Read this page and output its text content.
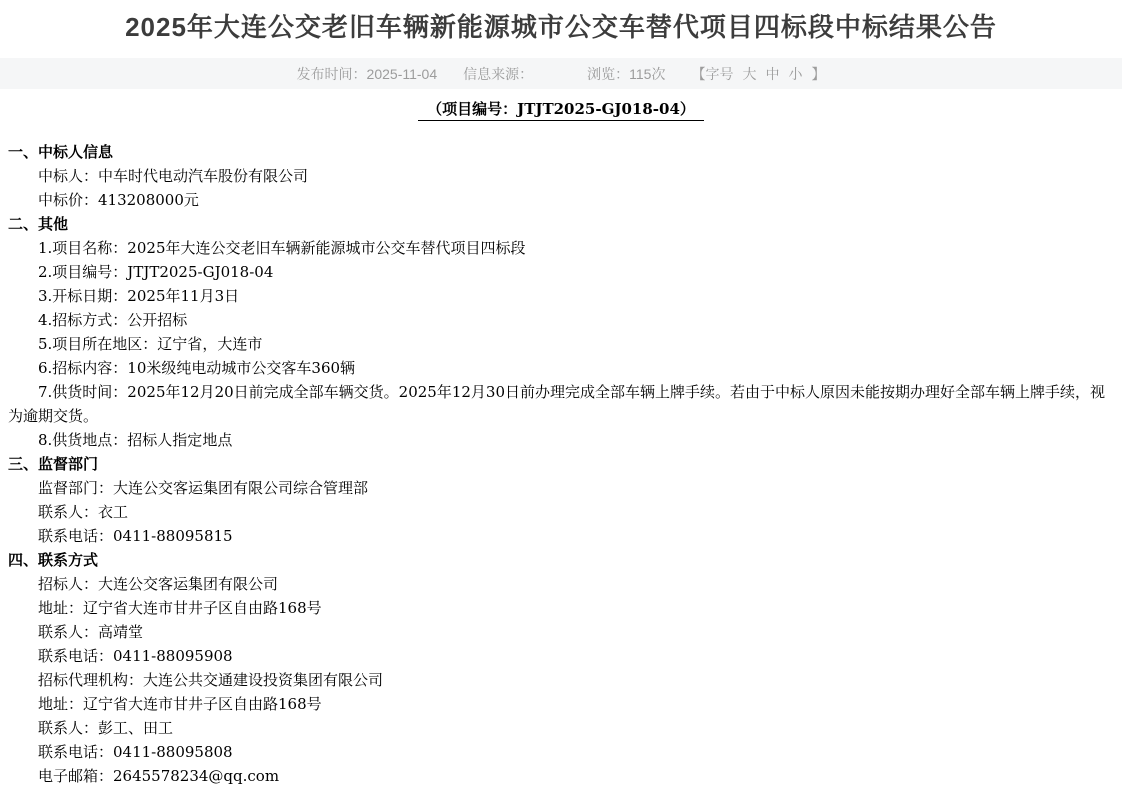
2025年大连公交老旧车辆新能源城市公交车替代项目四标段中标结果公告
发布时间： 2025-11-04 信息来源：	浏览： 115次 【字号 大 中 小 】
（项目编号：JTJT2025-GJ018-04）

一、中标人信息

中标人：中车时代电动汽车股份有限公司

中标价：413208000元

二、其他

1.项目名称：2025年大连公交老旧车辆新能源城市公交车替代项目四标段

2.项目编号：JTJT2025-GJ018-04

3.开标日期：2025年11月3日

4.招标方式：公开招标

5.项目所在地区：辽宁省，大连市

6.招标内容：10米级纯电动城市公交客车360辆

7.供货时间：2025年12月20日前完成全部车辆交货。2025年12月30日前办理完成全部车辆上牌手续。若由于中标人原因未能按期办理好全部车辆上牌手续，视为逾期交货。

8.供货地点：招标人指定地点

三、监督部门

监督部门：大连公交客运集团有限公司综合管理部

联系人：衣工

联系电话：0411-88095815

四、联系方式

招标人：大连公交客运集团有限公司

地址：辽宁省大连市甘井子区自由路168号

联系人：高靖堂

联系电话：0411-88095908

招标代理机构：大连公共交通建设投资集团有限公司

地址：辽宁省大连市甘井子区自由路168号

联系人：彭工、田工

联系电话：0411-88095808

电子邮箱：2645578234@qq.com
